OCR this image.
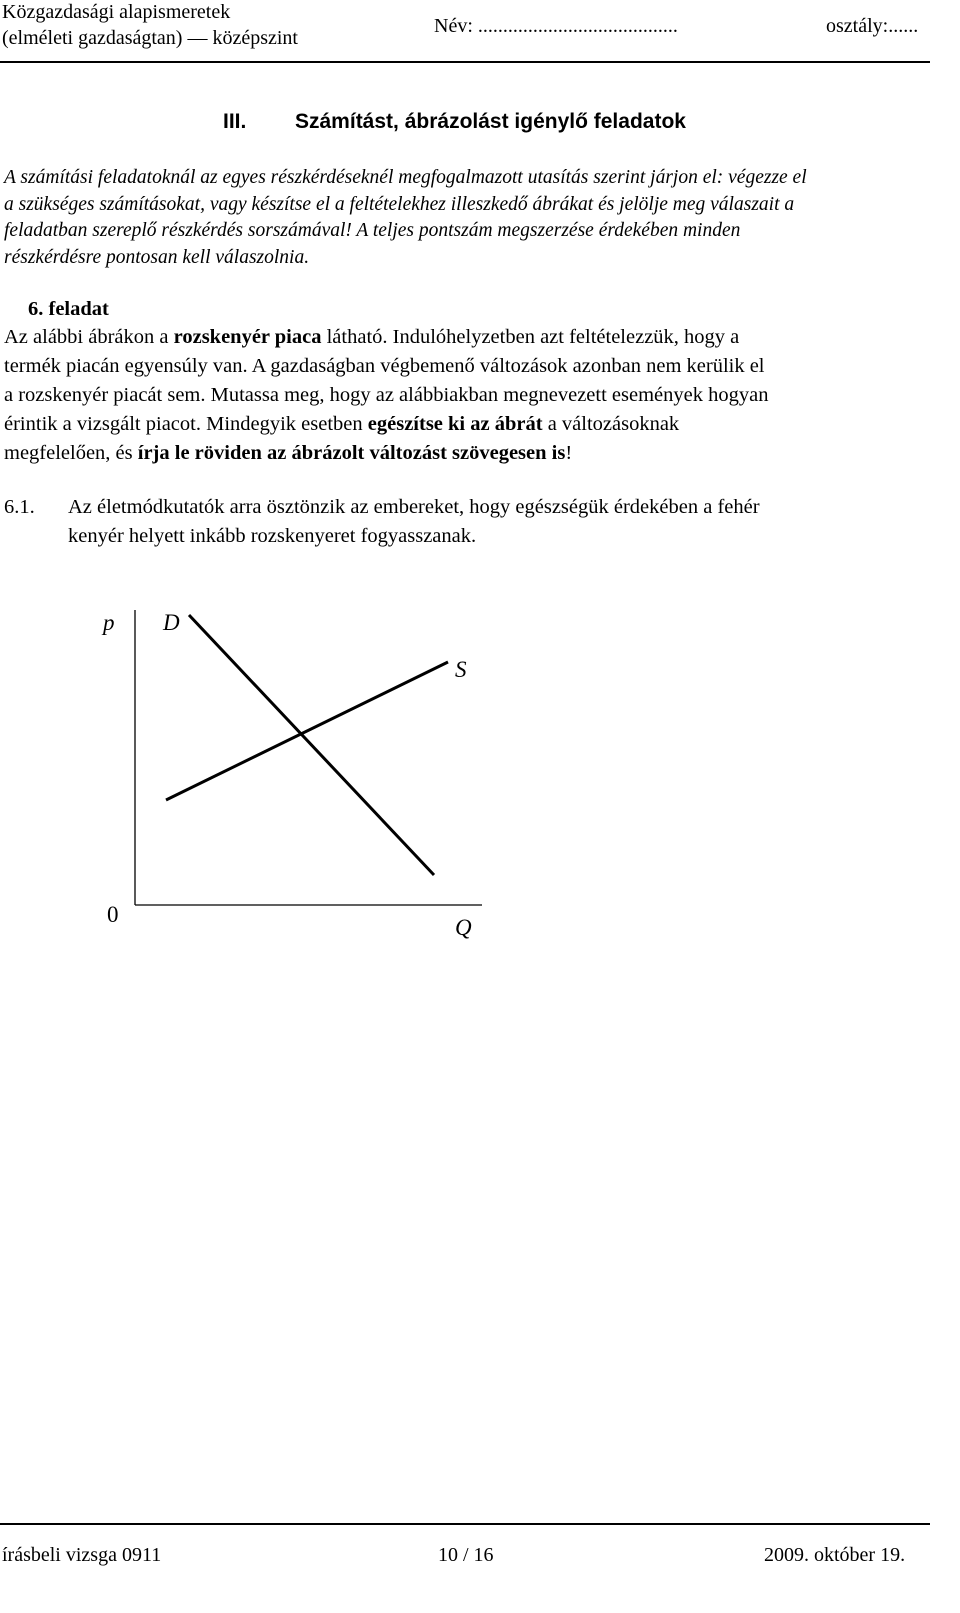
Közgazdasági alapismeretek
(elméleti gazdaságtan) — középszint
Név: ........................................	osztály:......
III. Számítást, ábrázolást igénylő feladatok
A számítási feladatoknál az egyes részkérdéseknél megfogalmazott utasítás szerint járjon el: végezze el
a szükséges számításokat, vagy készítse el a feltételekhez illeszkedő ábrákat és jelölje meg válaszait a
feladatban szereplő részkérdés sorszámával! A teljes pontszám megszerzése érdekében minden
részkérdésre pontosan kell válaszolnia.
6. feladat
Az alábbi ábrákon a rozskenyér piaca látható. Indulóhelyzetben azt feltételezzük, hogy a
termék piacán egyensúly van. A gazdaságban végbemenő változások azonban nem kerülik el
a rozskenyér piacát sem. Mutassa meg, hogy az alábbiakban megnevezett események hogyan
érintik a vizsgált piacot. Mindegyik esetben egészítse ki az ábrát a változásoknak
megfelelően, és írja le röviden az ábrázolt változást szövegesen is!
6.1. Az életmódkutatók arra ösztönzik az embereket, hogy egészségük érdekében a fehér
kenyér helyett inkább rozskenyeret fogyasszanak.
p D
S
0
Q
írásbeli vizsga 0911	10 / 16	2009. október 19.
